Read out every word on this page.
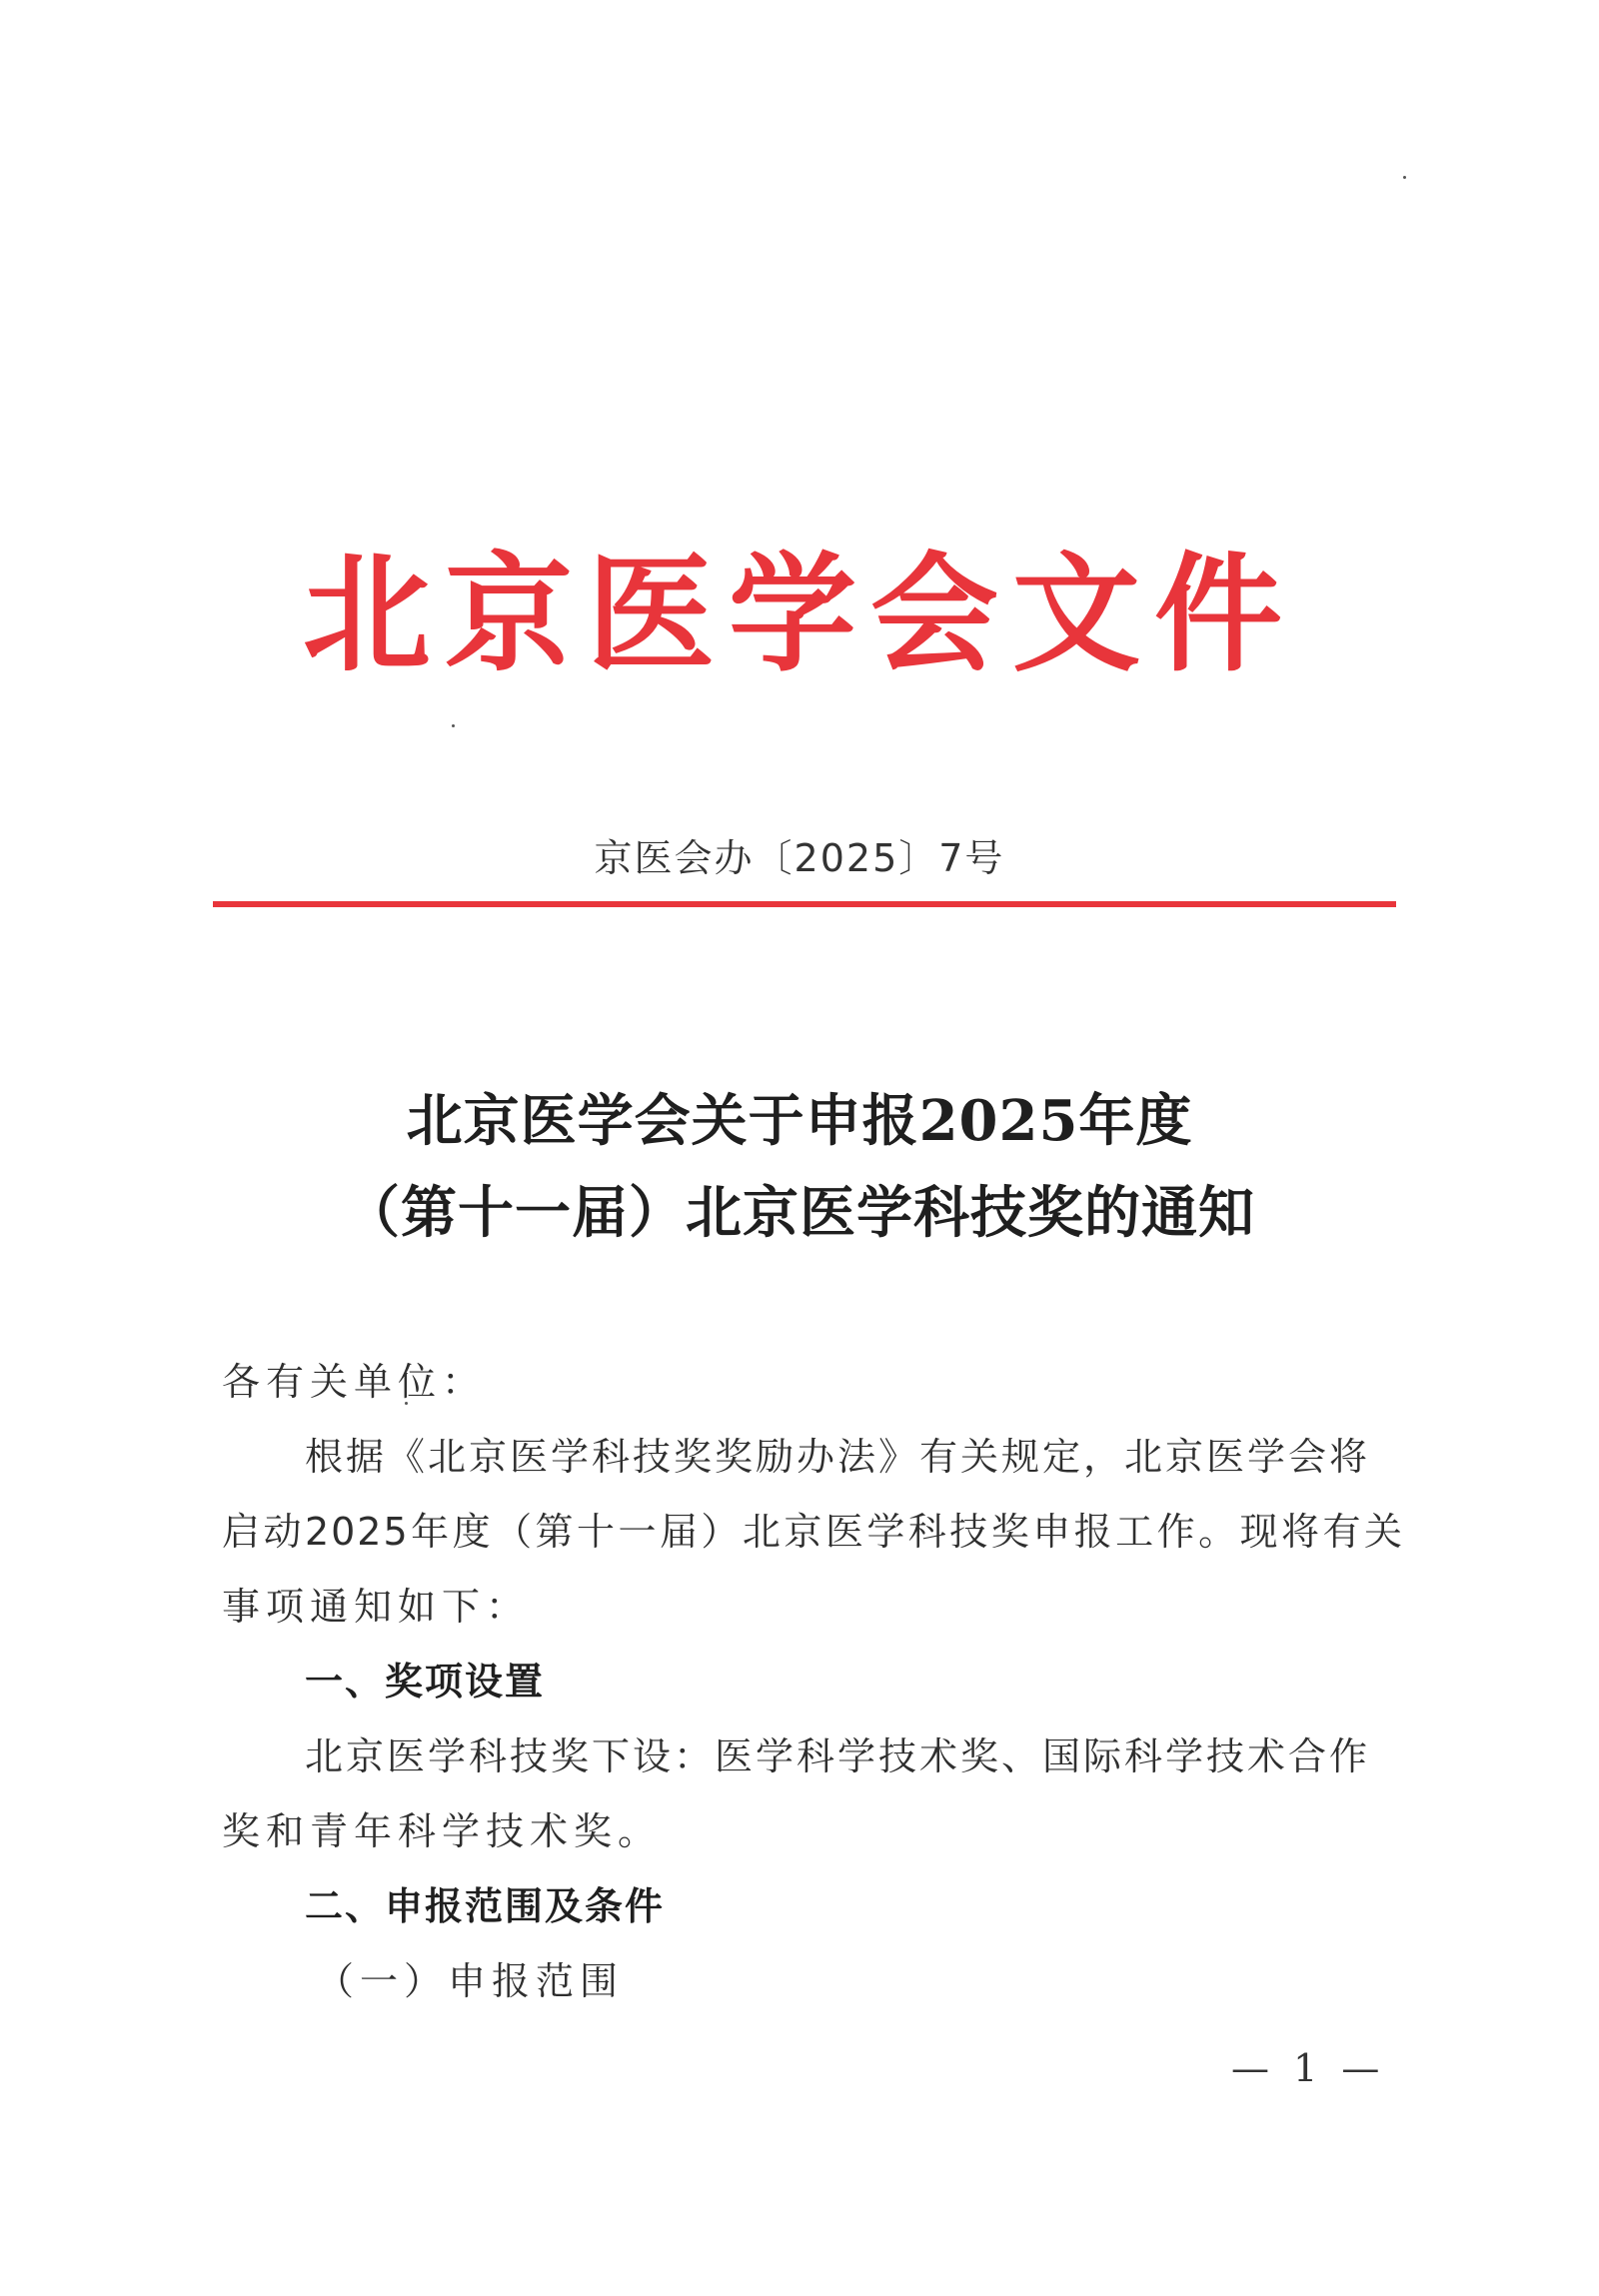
北京医学会文件
京医会办〔2025〕7号
北京医学会关于申报2025年度
（第十一届）北京医学科技奖的通知
各有关单位：
根据《北京医学科技奖奖励办法》有关规定，北京医学会将
启动2025年度（第十一届）北京医学科技奖申报工作。现将有关
事项通知如下：
一、奖项设置
北京医学科技奖下设：医学科学技术奖、国际科学技术合作
奖和青年科学技术奖。
二、申报范围及条件
（一）申报范围
— 1 —
